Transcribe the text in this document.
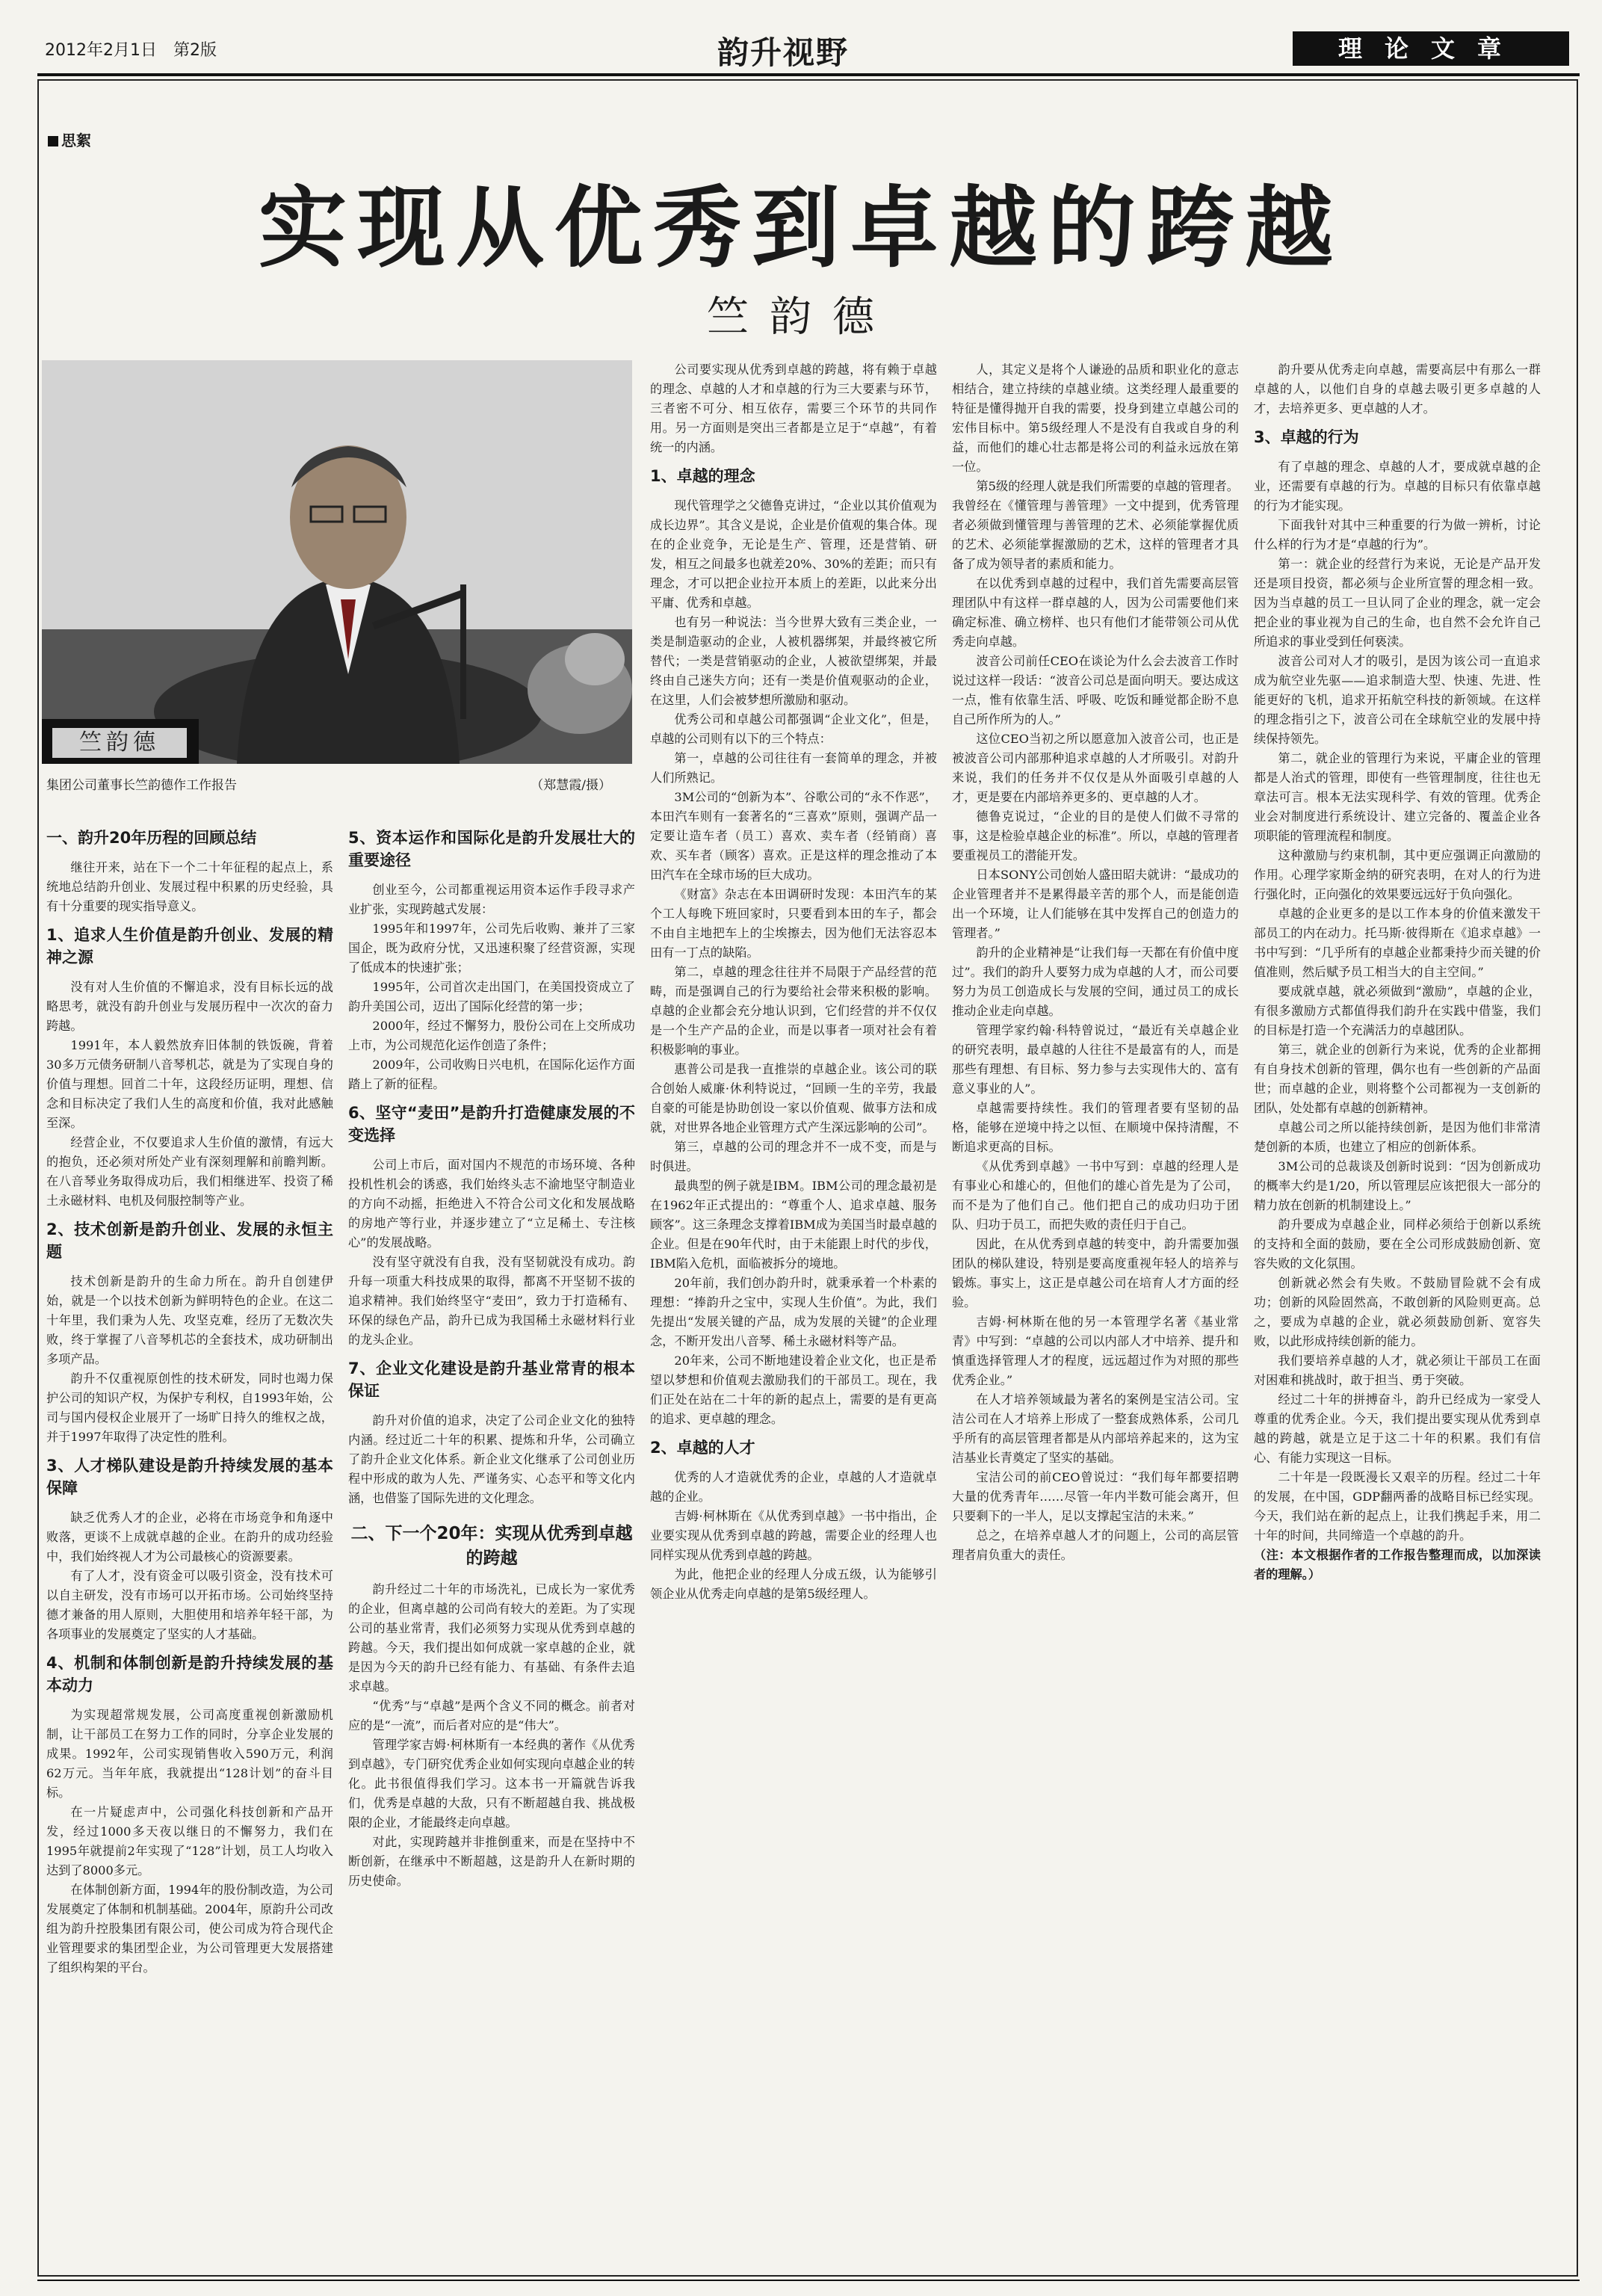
2012年2月1日　第2版	韵升视野	理论文章
思絮
实现从优秀到卓越的跨越
竺韵德
竺韵德
集团公司董事长竺韵德作工作报告	（郑慧霞/摄）
一、韵升20年历程的回顾总结

继往开来，站在下一个二十年征程的起点上，系统地总结韵升创业、发展过程中积累的历史经验，具有十分重要的现实指导意义。

1、追求人生价值是韵升创业、发展的精神之源

没有对人生价值的不懈追求，没有目标长远的战略思考，就没有韵升创业与发展历程中一次次的奋力跨越。

1991年，本人毅然放弃旧体制的铁饭碗，背着30多万元债务研制八音琴机芯，就是为了实现自身的价值与理想。回首二十年，这段经历证明，理想、信念和目标决定了我们人生的高度和价值，我对此感触至深。

经营企业，不仅要追求人生价值的激情，有远大的抱负，还必须对所处产业有深刻理解和前瞻判断。在八音琴业务取得成功后，我们相继进军、投资了稀土永磁材料、电机及伺服控制等产业。

2、技术创新是韵升创业、发展的永恒主题

技术创新是韵升的生命力所在。韵升自创建伊始，就是一个以技术创新为鲜明特色的企业。在这二十年里，我们秉为人先、攻坚克难，经历了无数次失败，终于掌握了八音琴机芯的全套技术，成功研制出多项产品。

韵升不仅重视原创性的技术研发，同时也竭力保护公司的知识产权，为保护专利权，自1993年始，公司与国内侵权企业展开了一场旷日持久的维权之战，并于1997年取得了决定性的胜利。

3、人才梯队建设是韵升持续发展的基本保障

缺乏优秀人才的企业，必将在市场竞争和角逐中败落，更谈不上成就卓越的企业。在韵升的成功经验中，我们始终视人才为公司最核心的资源要素。

有了人才，没有资金可以吸引资金，没有技术可以自主研发，没有市场可以开拓市场。公司始终坚持德才兼备的用人原则，大胆使用和培养年轻干部，为各项事业的发展奠定了坚实的人才基础。

4、机制和体制创新是韵升持续发展的基本动力

为实现超常规发展，公司高度重视创新激励机制，让干部员工在努力工作的同时，分享企业发展的成果。1992年，公司实现销售收入590万元，利润62万元。当年年底，我就提出“128计划”的奋斗目标。

在一片疑虑声中，公司强化科技创新和产品开发，经过1000多天夜以继日的不懈努力，我们在1995年就提前2年实现了“128”计划，员工人均收入达到了8000多元。

在体制创新方面，1994年的股份制改造，为公司发展奠定了体制和机制基础。2004年，原韵升公司改组为韵升控股集团有限公司，使公司成为符合现代企业管理要求的集团型企业，为公司管理更大发展搭建了组织构架的平台。

5、资本运作和国际化是韵升发展壮大的重要途径

创业至今，公司都重视运用资本运作手段寻求产业扩张，实现跨越式发展：

1995年和1997年，公司先后收购、兼并了三家国企，既为政府分忧，又迅速积聚了经营资源，实现了低成本的快速扩张；

1995年，公司首次走出国门，在美国投资成立了韵升美国公司，迈出了国际化经营的第一步；

2000年，经过不懈努力，股份公司在上交所成功上市，为公司规范化运作创造了条件；

2009年，公司收购日兴电机，在国际化运作方面踏上了新的征程。

6、坚守“麦田”是韵升打造健康发展的不变选择

公司上市后，面对国内不规范的市场环境、各种投机性机会的诱惑，我们始终头志不渝地坚守制造业的方向不动摇，拒绝进入不符合公司文化和发展战略的房地产等行业，并逐步建立了“立足稀土、专注核心”的发展战略。

没有坚守就没有自我，没有坚韧就没有成功。韵升每一项重大科技成果的取得，都离不开坚韧不拔的追求精神。我们始终坚守“麦田”，致力于打造稀有、环保的绿色产品，韵升已成为我国稀土永磁材料行业的龙头企业。

7、企业文化建设是韵升基业常青的根本保证

韵升对价值的追求，决定了公司企业文化的独特内涵。经过近二十年的积累、提炼和升华，公司确立了韵升企业文化体系。新企业文化继承了公司创业历程中形成的敢为人先、严谨务实、心态平和等文化内涵，也借鉴了国际先进的文化理念。

二、下一个20年：实现从优秀到卓越的跨越

韵升经过二十年的市场洗礼，已成长为一家优秀的企业，但离卓越的公司尚有较大的差距。为了实现公司的基业常青，我们必须努力实现从优秀到卓越的跨越。今天，我们提出如何成就一家卓越的企业，就是因为今天的韵升已经有能力、有基础、有条件去追求卓越。

“优秀”与“卓越”是两个含义不同的概念。前者对应的是“一流”，而后者对应的是“伟大”。

管理学家吉姆·柯林斯有一本经典的著作《从优秀到卓越》，专门研究优秀企业如何实现向卓越企业的转化。此书很值得我们学习。这本书一开篇就告诉我们，优秀是卓越的大敌，只有不断超越自我、挑战极限的企业，才能最终走向卓越。

对此，实现跨越并非推倒重来，而是在坚持中不断创新，在继承中不断超越，这是韵升人在新时期的历史使命。

公司要实现从优秀到卓越的跨越，将有赖于卓越的理念、卓越的人才和卓越的行为三大要素与环节，三者密不可分、相互依存，需要三个环节的共同作用。另一方面则是突出三者都是立足于“卓越”，有着统一的内涵。

1、卓越的理念

现代管理学之父德鲁克讲过，“企业以其价值观为成长边界”。其含义是说，企业是价值观的集合体。现在的企业竞争，无论是生产、管理，还是营销、研发，相互之间最多也就差20%、30%的差距；而只有理念，才可以把企业拉开本质上的差距，以此来分出平庸、优秀和卓越。

也有另一种说法：当今世界大致有三类企业，一类是制造驱动的企业，人被机器绑架，并最终被它所替代；一类是营销驱动的企业，人被欲望绑架，并最终由自己迷失方向；还有一类是价值观驱动的企业，在这里，人们会被梦想所激励和驱动。

优秀公司和卓越公司都强调“企业文化”，但是，卓越的公司则有以下的三个特点：

第一，卓越的公司往往有一套简单的理念，并被人们所熟记。

3M公司的“创新为本”、谷歌公司的“永不作恶”，本田汽车则有一套著名的“三喜欢”原则，强调产品一定要让造车者（员工）喜欢、卖车者（经销商）喜欢、买车者（顾客）喜欢。正是这样的理念推动了本田汽车在全球市场的巨大成功。

《财富》杂志在本田调研时发现：本田汽车的某个工人每晚下班回家时，只要看到本田的车子，都会不由自主地把车上的尘埃擦去，因为他们无法容忍本田有一丁点的缺陷。

第二，卓越的理念往往并不局限于产品经营的范畴，而是强调自己的行为要给社会带来积极的影响。卓越的企业都会充分地认识到，它们经营的并不仅仅是一个生产产品的企业，而是以事者一项对社会有着积极影响的事业。

惠普公司是我一直推崇的卓越企业。该公司的联合创始人威廉·休利特说过，“回顾一生的辛劳，我最自豪的可能是协助创设一家以价值观、做事方法和成就，对世界各地企业管理方式产生深远影响的公司”。

第三，卓越的公司的理念并不一成不变，而是与时俱进。

最典型的例子就是IBM。IBM公司的理念最初是在1962年正式提出的：“尊重个人、追求卓越、服务顾客”。这三条理念支撑着IBM成为美国当时最卓越的企业。但是在90年代时，由于未能跟上时代的步伐，IBM陷入危机，面临被拆分的境地。

20年前，我们创办韵升时，就秉承着一个朴素的理想：“捧韵升之宝中，实现人生价值”。为此，我们先提出“发展关键的产品，成为发展的关键”的企业理念，不断开发出八音琴、稀土永磁材料等产品。

20年来，公司不断地建设着企业文化，也正是希望以梦想和价值观去激励我们的干部员工。现在，我们正处在站在二十年的新的起点上，需要的是有更高的追求、更卓越的理念。

2、卓越的人才

优秀的人才造就优秀的企业，卓越的人才造就卓越的企业。

吉姆·柯林斯在《从优秀到卓越》一书中指出，企业要实现从优秀到卓越的跨越，需要企业的经理人也同样实现从优秀到卓越的跨越。

为此，他把企业的经理人分成五级，认为能够引领企业从优秀走向卓越的是第5级经理人。

人，其定义是将个人谦逊的品质和职业化的意志相结合，建立持续的卓越业绩。这类经理人最重要的特征是懂得抛开自我的需要，投身到建立卓越公司的宏伟目标中。第5级经理人不是没有自我或自身的利益，而他们的雄心壮志都是将公司的利益永远放在第一位。

第5级的经理人就是我们所需要的卓越的管理者。我曾经在《懂管理与善管理》一文中提到，优秀管理者必须做到懂管理与善管理的艺术、必须能掌握优质的艺术、必须能掌握激励的艺术，这样的管理者才具备了成为领导者的素质和能力。

在以优秀到卓越的过程中，我们首先需要高层管理团队中有这样一群卓越的人，因为公司需要他们来确定标准、确立榜样、也只有他们才能带领公司从优秀走向卓越。

波音公司前任CEO在谈论为什么会去波音工作时说过这样一段话：“波音公司总是面向明天。要达成这一点，惟有依靠生活、呼吸、吃饭和睡觉都企盼不息自己所作所为的人。”

这位CEO当初之所以愿意加入波音公司，也正是被波音公司内部那种追求卓越的人才所吸引。对韵升来说，我们的任务并不仅仅是从外面吸引卓越的人才，更是要在内部培养更多的、更卓越的人才。

德鲁克说过，“企业的目的是使人们做不寻常的事，这是检验卓越企业的标准”。所以，卓越的管理者要重视员工的潜能开发。

日本SONY公司创始人盛田昭夫就讲：“最成功的企业管理者并不是累得最辛苦的那个人，而是能创造出一个环境，让人们能够在其中发挥自己的创造力的管理者。”

韵升的企业精神是“让我们每一天都在有价值中度过”。我们的韵升人要努力成为卓越的人才，而公司要努力为员工创造成长与发展的空间，通过员工的成长推动企业走向卓越。

管理学家约翰·科特曾说过，“最近有关卓越企业的研究表明，最卓越的人往往不是最富有的人，而是那些有理想、有目标、努力参与去实现伟大的、富有意义事业的人”。

卓越需要持续性。我们的管理者要有坚韧的品格，能够在逆境中持之以恒、在顺境中保持清醒，不断追求更高的目标。

《从优秀到卓越》一书中写到：卓越的经理人是有事业心和雄心的，但他们的雄心首先是为了公司，而不是为了他们自己。他们把自己的成功归功于团队、归功于员工，而把失败的责任归于自己。

因此，在从优秀到卓越的转变中，韵升需要加强团队的梯队建设，特别是要高度重视年轻人的培养与锻炼。事实上，这正是卓越公司在培育人才方面的经验。

吉姆·柯林斯在他的另一本管理学名著《基业常青》中写到：“卓越的公司以内部人才中培养、提升和慎重选择管理人才的程度，远远超过作为对照的那些优秀企业。”

在人才培养领域最为著名的案例是宝洁公司。宝洁公司在人才培养上形成了一整套成熟体系，公司几乎所有的高层管理者都是从内部培养起来的，这为宝洁基业长青奠定了坚实的基础。

宝洁公司的前CEO曾说过：“我们每年都要招聘大量的优秀青年……尽管一年内半数可能会离开，但只要剩下的一半人，足以支撑起宝洁的未来。”

总之，在培养卓越人才的问题上，公司的高层管理者肩负重大的责任。

韵升要从优秀走向卓越，需要高层中有那么一群卓越的人，以他们自身的卓越去吸引更多卓越的人才，去培养更多、更卓越的人才。

3、卓越的行为

有了卓越的理念、卓越的人才，要成就卓越的企业，还需要有卓越的行为。卓越的目标只有依靠卓越的行为才能实现。

下面我针对其中三种重要的行为做一辨析，讨论什么样的行为才是“卓越的行为”。

第一：就企业的经营行为来说，无论是产品开发还是项目投资，都必须与企业所宣誓的理念相一致。因为当卓越的员工一旦认同了企业的理念，就一定会把企业的事业视为自己的生命，也自然不会允许自己所追求的事业受到任何亵渎。

波音公司对人才的吸引，是因为该公司一直追求成为航空业先驱——追求制造大型、快速、先进、性能更好的飞机，追求开拓航空科技的新领域。在这样的理念指引之下，波音公司在全球航空业的发展中持续保持领先。

第二，就企业的管理行为来说，平庸企业的管理都是人治式的管理，即使有一些管理制度，往往也无章法可言。根本无法实现科学、有效的管理。优秀企业会对制度进行系统设计、建立完备的、覆盖企业各项职能的管理流程和制度。

这种激励与约束机制，其中更应强调正向激励的作用。心理学家斯金纳的研究表明，在对人的行为进行强化时，正向强化的效果要远远好于负向强化。

卓越的企业更多的是以工作本身的价值来激发干部员工的内在动力。托马斯·彼得斯在《追求卓越》一书中写到：“几乎所有的卓越企业都秉持少而关键的价值准则，然后赋予员工相当大的自主空间。”

要成就卓越，就必须做到“激励”，卓越的企业，有很多激励方式都值得我们韵升在实践中借鉴，我们的目标是打造一个充满活力的卓越团队。

第三，就企业的创新行为来说，优秀的企业都拥有自身技术创新的管理，偶尔也有一些创新的产品面世；而卓越的企业，则将整个公司都视为一支创新的团队，处处都有卓越的创新精神。

卓越公司之所以能持续创新，是因为他们非常清楚创新的本质，也建立了相应的创新体系。

3M公司的总裁谈及创新时说到：“因为创新成功的概率大约是1/20，所以管理层应该把很大一部分的精力放在创新的机制建设上。”

韵升要成为卓越企业，同样必须给于创新以系统的支持和全面的鼓励，要在全公司形成鼓励创新、宽容失败的文化氛围。

创新就必然会有失败。不鼓励冒险就不会有成功；创新的风险固然高，不敢创新的风险则更高。总之，要成为卓越的企业，就必须鼓励创新、宽容失败，以此形成持续创新的能力。

我们要培养卓越的人才，就必须让干部员工在面对困难和挑战时，敢于担当、勇于突破。

经过二十年的拼搏奋斗，韵升已经成为一家受人尊重的优秀企业。今天，我们提出要实现从优秀到卓越的跨越，就是立足于这二十年的积累。我们有信心、有能力实现这一目标。

二十年是一段既漫长又艰辛的历程。经过二十年的发展，在中国，GDP翻两番的战略目标已经实现。今天，我们站在新的起点上，让我们携起手来，用二十年的时间，共同缔造一个卓越的韵升。

（注：本文根据作者的工作报告整理而成，以加深读者的理解。）
